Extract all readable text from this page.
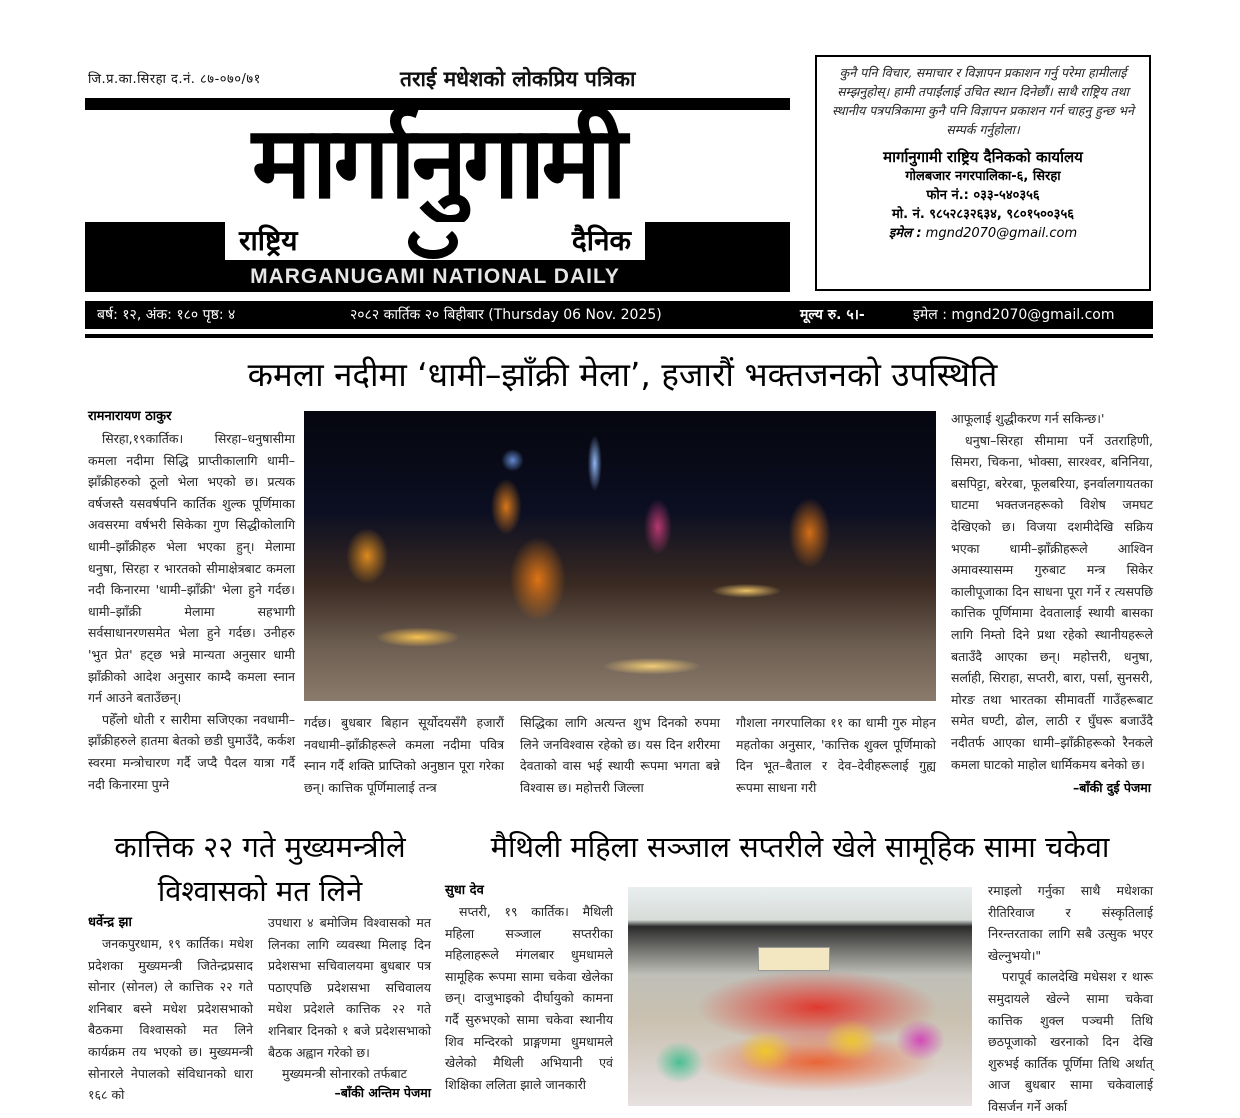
जि.प्र.का.सिरहा द.नं. ८७-०७०/७१	तराई मधेशको लोकप्रिय पत्रिका
मार्गानुगामी
राष्ट्रिय	दैनिक
MARGANUGAMI NATIONAL DAILY
कुनै पनि विचार, समाचार र विज्ञापन प्रकाशन गर्नु परेमा हामीलाई सम्झनुहोस्। हामी तपाईंलाई उचित स्थान दिनेछौं। साथै राष्ट्रिय तथा स्थानीय पत्रपत्रिकामा कुनै पनि विज्ञापन प्रकाशन गर्न चाहनु हुन्छ भने सम्पर्क गर्नुहोला।
मार्गानुगामी राष्ट्रिय दैनिकको कार्यालय
गोलबजार नगरपालिका-६, सिरहा
फोन नं.: ०३३-५४०३५६
मो. नं. ९८५२८३२६३४, ९८०१५००३५६
इमेल : mgnd2070@gmail.com
बर्ष: १२, अंक: १८० पृष्ठ: ४	२०८२ कार्तिक २० बिहीबार (Thursday 06 Nov. 2025)	मूल्य रु. ५।-	इमेल : mgnd2070@gmail.com
कमला नदीमा ‘धामी–झाँक्री मेला’, हजारौं भक्तजनको उपस्थिति
रामनारायण ठाकुर

सिरहा,१९कार्तिक। सिरहा–धनुषासीमा कमला नदीमा सिद्धि प्राप्तीकालागि धामी–झाँक्रीहरुको ठूलो भेला भएको छ। प्रत्यक वर्षजस्तै यसवर्षपनि कार्तिक शुल्क पूर्णिमाका अवसरमा वर्षभरी सिकेका गुण सिद्धीकोलागि धामी–झाँक्रीहरु भेला भएका हुन्। मेलामा धनुषा, सिरहा र भारतको सीमाक्षेत्रबाट कमला नदी किनारमा 'धामी–झाँक्री' भेला हुने गर्दछ। धामी–झाँक्री मेलामा सहभागी सर्वसाधानरणसमेत भेला हुने गर्दछ। उनीहरु 'भुत प्रेत' हट्छ भन्ने मान्यता अनुसार धामी झाँक्रीको आदेश अनुसार काम्दै कमला स्नान गर्न आउने बताउँछन्।

पहेँलो धोती र सारीमा सजिएका नवधामी–झाँक्रीहरुले हातमा बेतको छडी घुमाउँदै, कर्कश स्वरमा मन्त्रोचारण गर्दै जप्दै पैदल यात्रा गर्दै नदी किनारमा पुग्ने

गर्दछ। बुधबार बिहान सूर्योदयसँगै हजारौं नवधामी–झाँक्रीहरूले कमला नदीमा पवित्र स्नान गर्दै शक्ति प्राप्तिको अनुष्ठान पूरा गरेका छन्। कात्तिक पूर्णिमालाई तन्त्र

सिद्धिका लागि अत्यन्त शुभ दिनको रुपमा लिने जनविश्वास रहेको छ। यस दिन शरीरमा देवताको वास भई स्थायी रूपमा भगता बन्ने विश्वास छ। महोत्तरी जिल्ला

गौशला नगरपालिका ११ का धामी गुरु मोहन महतोका अनुसार, 'कात्तिक शुक्ल पूर्णिमाको दिन भूत–बैताल र देव–देवीहरूलाई गुह्य रूपमा साधना गरी

आफूलाई शुद्धीकरण गर्न सकिन्छ।'

धनुषा–सिरहा सीमामा पर्ने उतराहिणी, सिमरा, चिकना, भोक्सा, सारश्वर, बनिनिया, बसपिट्टा, बरेरबा, फूलबरिया, इनर्वालगायतका घाटमा भक्तजनहरूको विशेष जमघट देखिएको छ। विजया दशमीदेखि सक्रिय भएका धामी–झाँक्रीहरूले आश्विन अमावस्यासम्म गुरुबाट मन्त्र सिकेर कालीपूजाका दिन साधना पूरा गर्ने र त्यसपछि कात्तिक पूर्णिमामा देवतालाई स्थायी बासका लागि निम्तो दिने प्रथा रहेको स्थानीयहरूले बताउँदै आएका छन्। महोत्तरी, धनुषा, सर्लाही, सिराहा, सप्तरी, बारा, पर्सा, सुनसरी, मोरङ तथा भारतका सीमावर्ती गाउँहरूबाट समेत घण्टी, ढोल, लाठी र घुँघरू बजाउँदै नदीतर्फ आएका धामी–झाँक्रीहरूको रैनकले कमला घाटको माहोल धार्मिकमय बनेको छ।

–बाँकी दुई पेजमा
कात्तिक २२ गते मुख्यमन्त्रीले विश्वासको मत लिने
धर्वेन्द्र झा

जनकपुरधाम, १९ कार्तिक। मधेश प्रदेशका मुख्यमन्त्री जितेन्द्रप्रसाद सोनार (सोनल) ले कात्तिक २२ गते शनिबार बस्ने मधेश प्रदेशसभाको बैठकमा विश्वासको मत लिने कार्यक्रम तय भएको छ। मुख्यमन्त्री सोनारले नेपालको संविधानको धारा १६८ को

उपधारा ४ बमोजिम विश्वासको मत लिनका लागि व्यवस्था मिलाइ दिन प्रदेशसभा सचिवालयमा बुधबार पत्र पठाएपछि प्रदेशसभा सचिवालय मधेश प्रदेशले कात्तिक २२ गते शनिबार दिनको १ बजे प्रदेशसभाको बैठक अह्वान गरेको छ।

मुख्यमन्त्री सोनारको तर्फबाट

–बाँकी अन्तिम पेजमा
मैथिली महिला सञ्जाल सप्तरीले खेले सामूहिक सामा चकेवा
सुधा देव

सप्तरी, १९ कार्तिक। मैथिली महिला सञ्जाल सप्तरीका महिलाहरूले मंगलबार धुमधामले सामूहिक रूपमा सामा चकेवा खेलेका छन्। दाजुभाइको दीर्घायुको कामना गर्दै सुरुभएको सामा चकेवा स्थानीय शिव मन्दिरको प्राङ्गणमा धुमधामले खेलेको मैथिली अभियानी एवं शिक्षिका ललिता झाले जानकारी

रमाइलो गर्नुका साथै मधेशका रीतिरिवाज र संस्कृतिलाई निरन्तरताका लागि सबै उत्सुक भएर खेल्नुभयो।"

परापूर्व कालदेखि मधेसश र थारू समुदायले खेल्ने सामा चकेवा कात्तिक शुक्ल पञ्चमी तिथि छठपूजाको खरनाको दिन देखि शुरुभई कार्तिक पूर्णिमा तिथि अर्थात् आज बुधबार सामा चकेवालाई विसर्जन गर्ने अर्का
